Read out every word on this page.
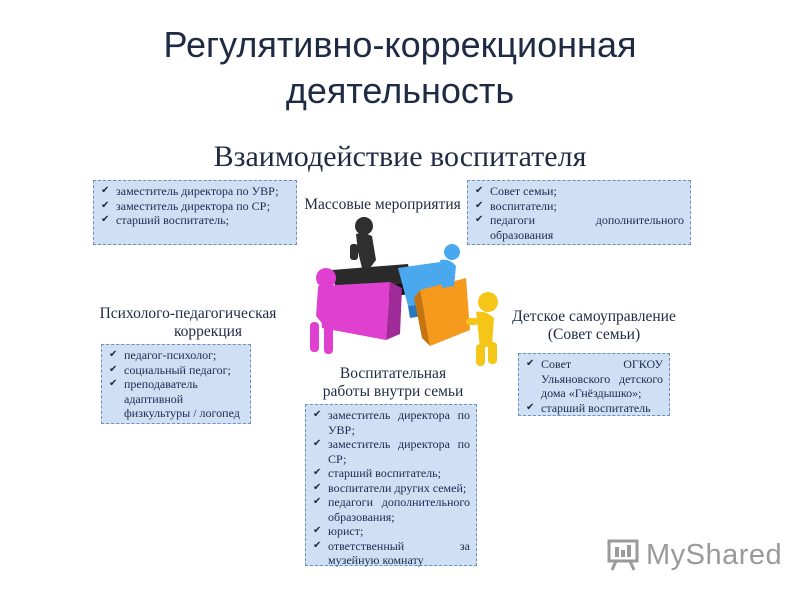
Регулятивно-коррекционная
деятельность
Взаимодействие воспитателя
✔ заместитель директора по УВР;
✔ заместитель директора по СР;
✔ старший воспитатель;
✔ Совет семьи;
✔ воспитатели;
✔ педагоги дополнительного образования
Массовые мероприятия
Психолого-педагогическая
коррекция
Детское самоуправление
(Совет семьи)
✔ педагог-психолог;
✔ социальный педагог;
✔ преподаватель адаптивной физкультуры / логопед
✔ Совет ОГКОУ Ульяновского детского дома «Гнёздышко»;
✔ старший воспитатель
Воспитательная
работы внутри семьи
✔ заместитель директора по УВР;
✔ заместитель директора по СР;
✔ старший воспитатель;
✔ воспитатели других семей;
✔ педагоги дополнительного образования;
✔ юрист;
✔ ответственный за музейную комнату	MyShared
